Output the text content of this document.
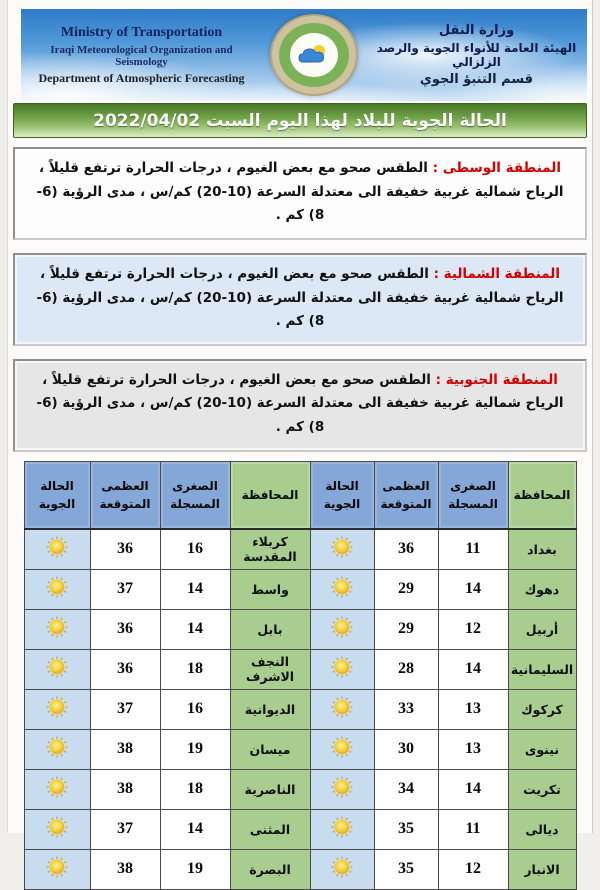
Ministry of Transportation
Iraqi Meteorological Organization and Seismology
Department of Atmospheric Forecasting
وزارة النقل
الهيئة العامة للأنواء الجوية والرصد الزلزالي
قسم التنبؤ الجوي
الحالة الجوية للبلاد لهذا اليوم السبت 2022/04/02

المنطقة الوسطى : الطقس صحو مع بعض الغيوم ، درجات الحرارة ترتفع قليلاً ، الرياح شمالية غربية خفيفة الى معتدلة السرعة (10-20) كم/س ، مدى الرؤية (6-8) كم .

المنطقة الشمالية : الطقس صحو مع بعض الغيوم ، درجات الحرارة ترتفع قليلاً ، الرياح شمالية غربية خفيفة الى معتدلة السرعة (10-20) كم/س ، مدى الرؤية (6-8) كم .

المنطقة الجنوبية : الطقس صحو مع بعض الغيوم ، درجات الحرارة ترتفع قليلاً ، الرياح شمالية غربية خفيفة الى معتدلة السرعة (10-20) كم/س ، مدى الرؤية (6-8) كم .

المحافظة	الصغرى المسجلة	العظمى المتوقعة	الحالة الجوية	المحافظة	الصغرى المسجلة	العظمى المتوقعة	الحالة الجوية
بغداد	11	36		كربلاء المقدسة	16	36	

دهوك	14	29		واسط	14	37	

أربيل	12	29		بابل	14	36	

السليمانية	14	28		النجف الاشرف	18	36	

كركوك	13	33		الديوانية	16	37	

نينوى	13	30		ميسان	19	38	

تكريت	14	34		الناصرية	18	38	

ديالى	11	35		المثنى	14	37	

الانبار	12	35		البصرة	19	38	
